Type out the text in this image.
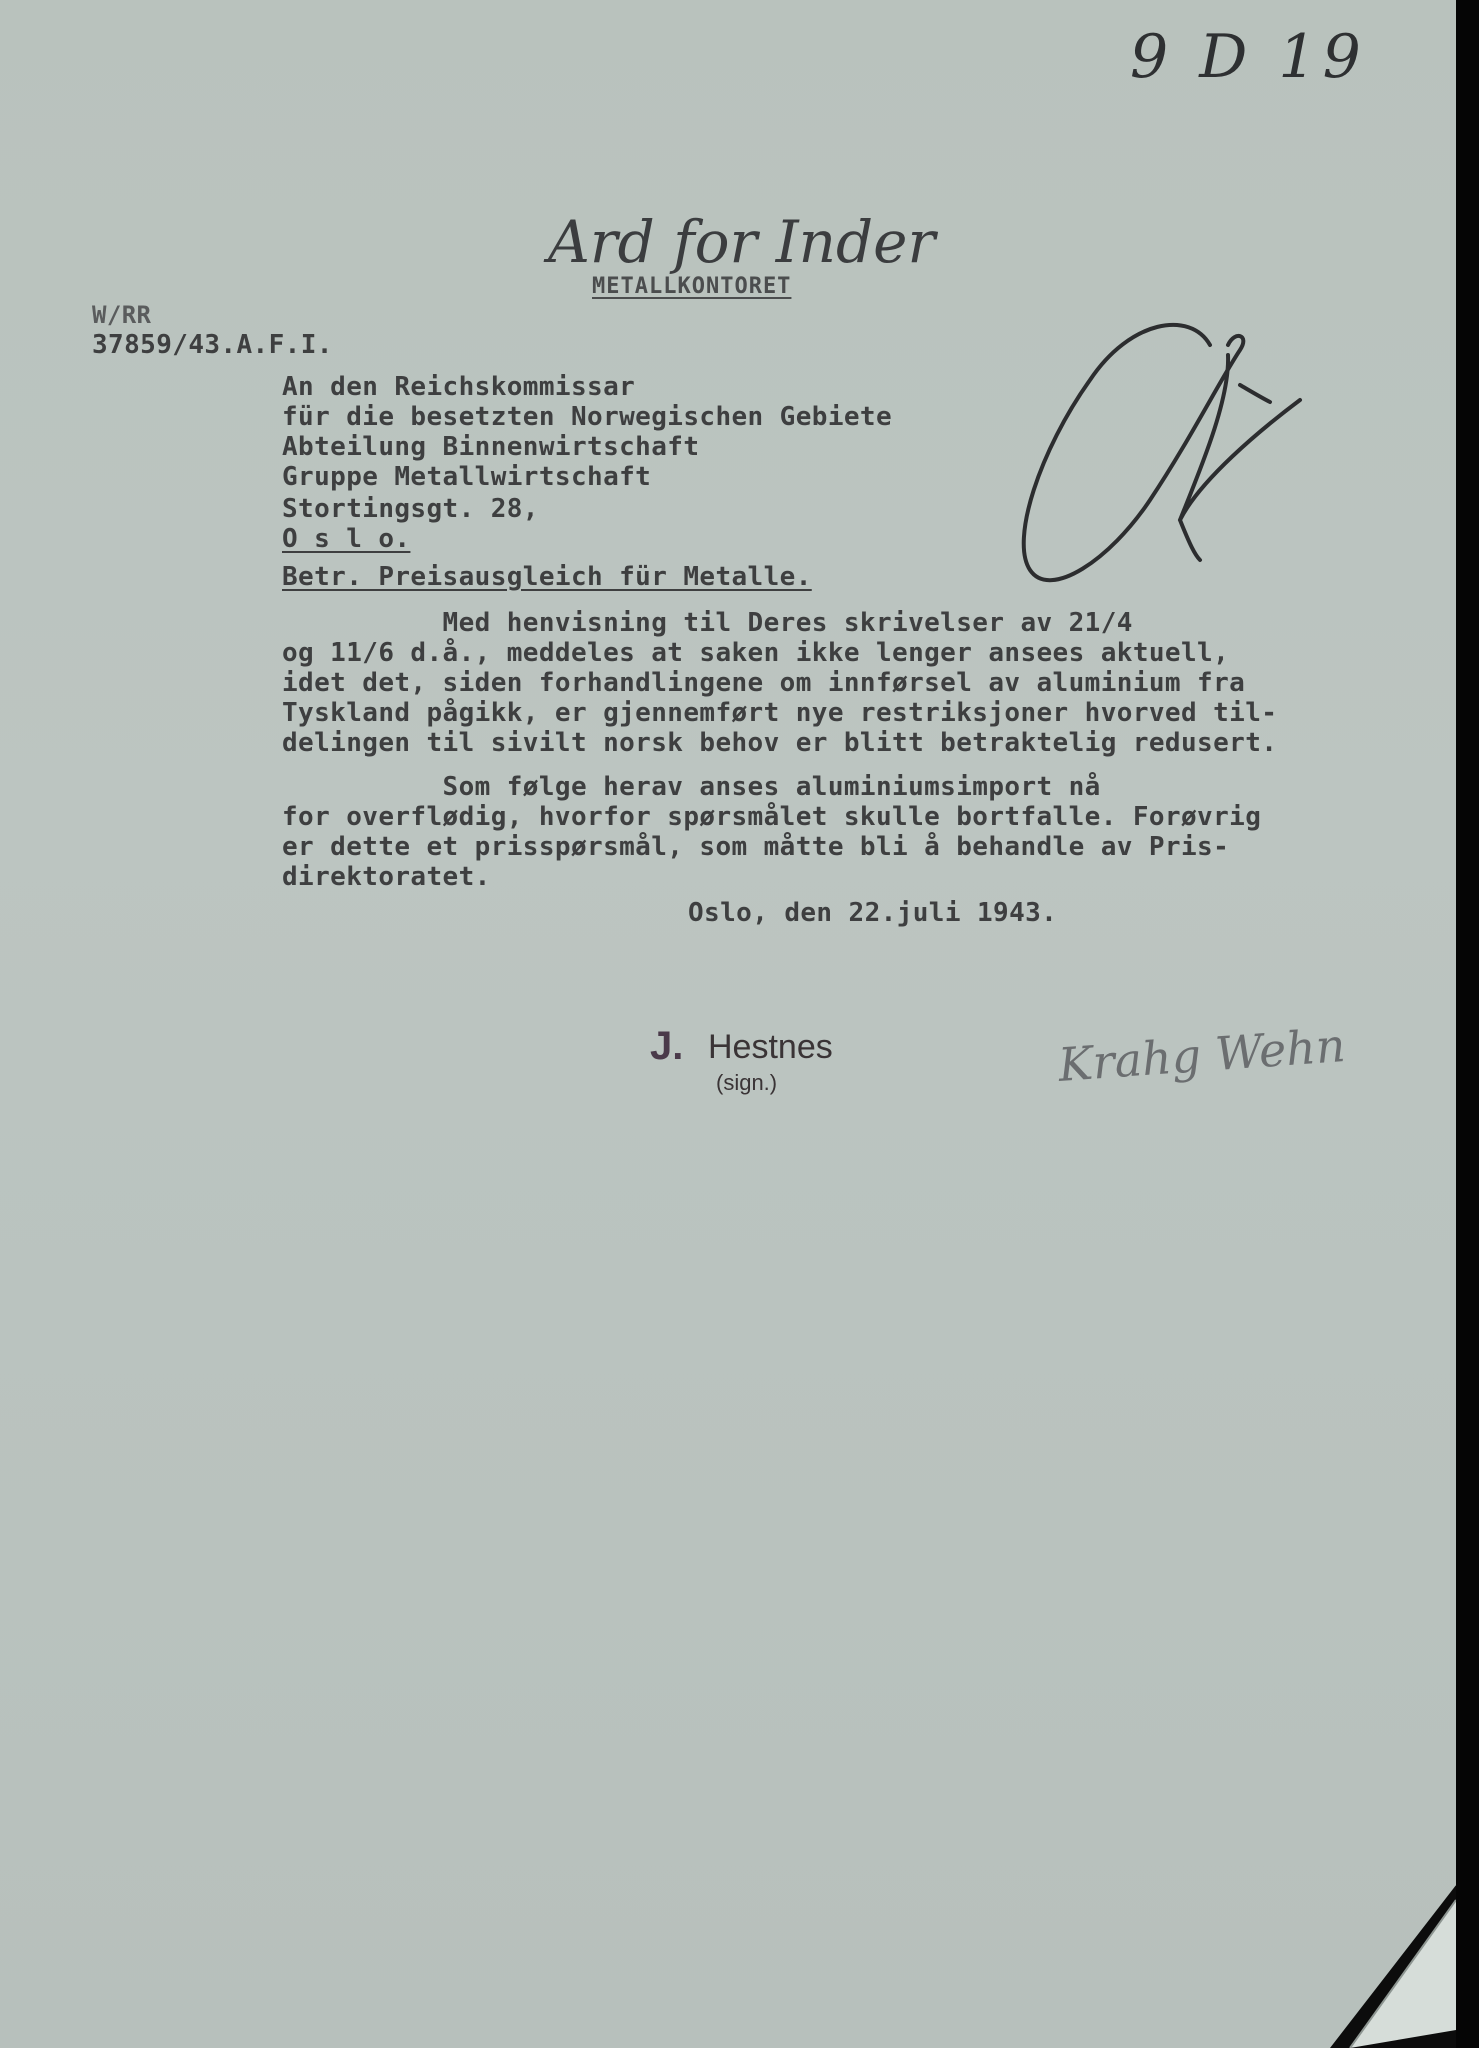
9 D 19
Ard for Inder
METALLKONTORET
W/RR
37859/43.A.F.I.
An den Reichskommissar
für die besetzten Norwegischen Gebiete
Abteilung Binnenwirtschaft
Gruppe Metallwirtschaft
Stortingsgt. 28,
O s l o.
Betr. Preisausgleich für Metalle.
Med henvisning til Deres skrivelser av 21/4
og 11/6 d.å., meddeles at saken ikke lenger ansees aktuell,
idet det, siden forhandlingene om innførsel av aluminium fra
Tyskland pågikk, er gjennemført nye restriksjoner hvorved til-
delingen til sivilt norsk behov er blitt betraktelig redusert.
Som følge herav anses aluminiumsimport nå
for overflødig, hvorfor spørsmålet skulle bortfalle. Forøvrig
er dette et prisspørsmål, som måtte bli å behandle av Pris-
direktoratet.
Oslo, den 22.juli 1943.
J. Hestnes
(sign.)	Krahg Wehn
